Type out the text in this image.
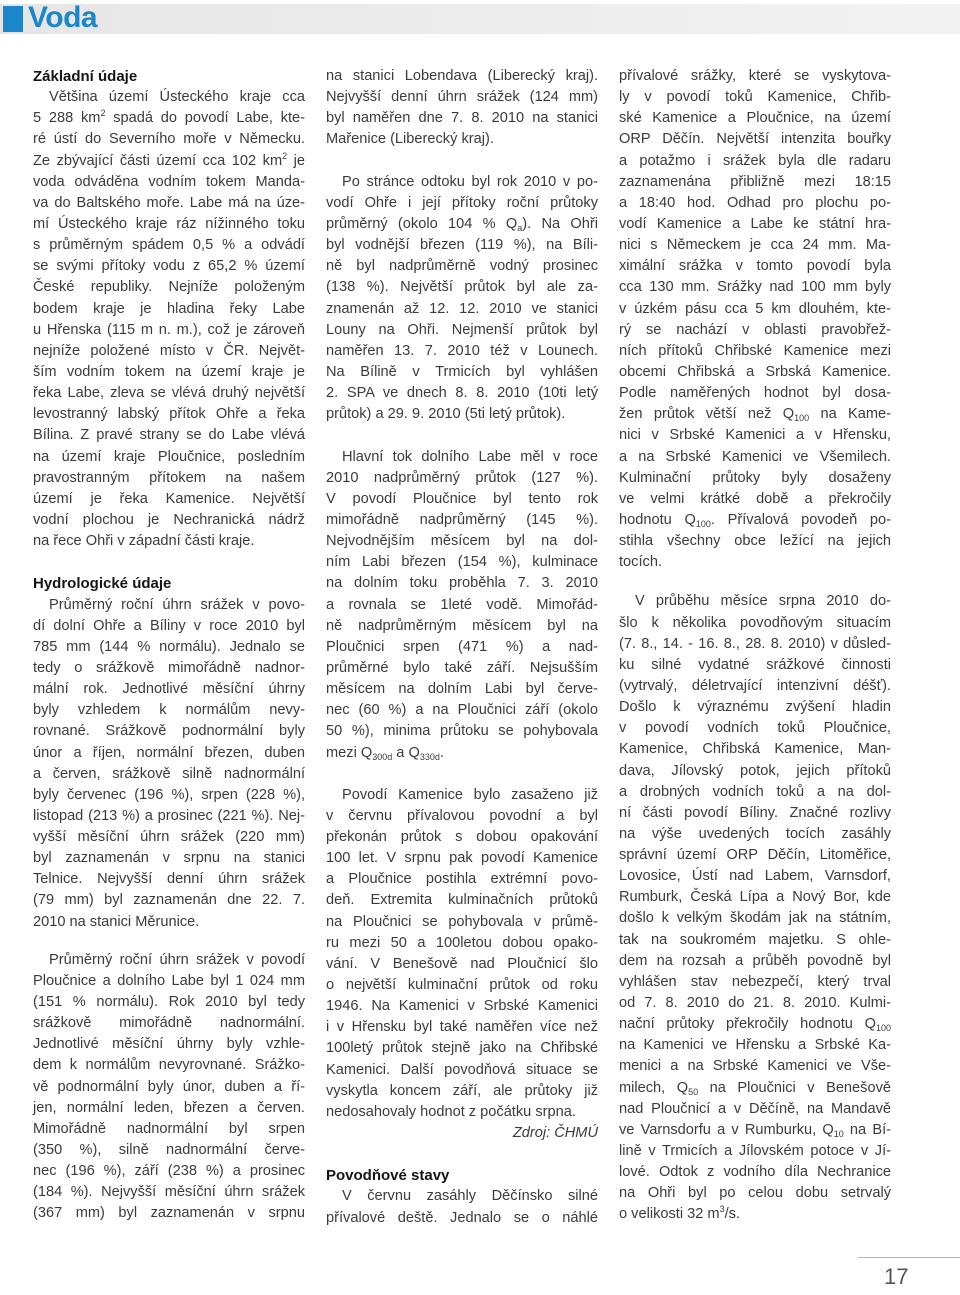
Voda
Základní údaje
Většina území Ústeckého kraje cca
5 288 $km^2$ spadá do povodí Labe, kte-
ré ústí do Severního moře v Německu.
Ze zbývající části území cca 102 $km^2$ je
voda odváděna vodním tokem Manda-
va do Baltského moře. Labe má na úze-
mí Ústeckého kraje ráz nížinného toku
s průměrným spádem 0,5 % a odvádí
se svými přítoky vodu z 65,2 % území
České republiky. Nejníže položeným
bodem kraje je hladina řeky Labe
u Hřenska (115 m n. m.), což je zároveň
nejníže položené místo v ČR. Největ-
ším vodním tokem na území kraje je
řeka Labe, zleva se vlévá druhý největší
levostranný labský přítok Ohře a řeka
Bílina. Z pravé strany se do Labe vlévá
na území kraje Ploučnice, posledním
pravostranným přítokem na našem
území je řeka Kamenice. Největší
vodní plochou je Nechranická nádrž
na řece Ohři v západní části kraje.
Hydrologické údaje
Průměrný roční úhrn srážek v povo-
dí dolní Ohře a Bíliny v roce 2010 byl
785 mm (144 % normálu). Jednalo se
tedy o srážkově mimořádně nadnor-
mální rok. Jednotlivé měsíční úhrny
byly vzhledem k normálům nevy-
rovnané. Srážkově podnormální byly
únor a říjen, normální březen, duben
a červen, srážkově silně nadnormální
byly červenec (196 %), srpen (228 %),
listopad (213 %) a prosinec (221 %). Nej-
vyšší měsíční úhrn srážek (220 mm)
byl zaznamenán v srpnu na stanici
Telnice. Nejvyšší denní úhrn srážek
(79 mm) byl zaznamenán dne 22. 7.
2010 na stanici Měrunice.
Průměrný roční úhrn srážek v povodí
Ploučnice a dolního Labe byl 1 024 mm
(151 % normálu). Rok 2010 byl tedy
srážkově mimořádně nadnormální.
Jednotlivé měsíční úhrny byly vzhle-
dem k normálům nevyrovnané. Srážko-
vě podnormální byly únor, duben a ří-
jen, normální leden, březen a červen.
Mimořádně nadnormální byl srpen
(350 %), silně nadnormální červe-
nec (196 %), září (238 %) a prosinec
(184 %). Nejvyšší měsíční úhrn srážek
(367 mm) byl zaznamenán v srpnu
na stanici Lobendava (Liberecký kraj).
Nejvyšší denní úhrn srážek (124 mm)
byl naměřen dne 7. 8. 2010 na stanici
Mařenice (Liberecký kraj).
Po stránce odtoku byl rok 2010 v po-
vodí Ohře i její přítoky roční průtoky
průměrný (okolo 104 % $Q_a$). Na Ohři
byl vodnější březen (119 %), na Bíli-
ně byl nadprůměrně vodný prosinec
(138 %). Největší průtok byl ale za-
znamenán až 12. 12. 2010 ve stanici
Louny na Ohři. Nejmenší průtok byl
naměřen 13. 7. 2010 též v Lounech.
Na Bílině v Trmicích byl vyhlášen
2. SPA ve dnech 8. 8. 2010 (10ti letý
průtok) a 29. 9. 2010 (5ti letý průtok).
Hlavní tok dolního Labe měl v roce
2010 nadprůměrný průtok (127 %).
V povodí Ploučnice byl tento rok
mimořádně nadprůměrný (145 %).
Nejvodnějším měsícem byl na dol-
ním Labi březen (154 %), kulminace
na dolním toku proběhla 7. 3. 2010
a rovnala se 1leté vodě. Mimořád-
ně nadprůměrným měsícem byl na
Ploučnici srpen (471 %) a nad-
průměrné bylo také září. Nejsušším
měsícem na dolním Labi byl červe-
nec (60 %) a na Ploučnici září (okolo
50 %), minima průtoku se pohybovala
mezi $Q_{300d}$ a $Q_{330d}$.
Povodí Kamenice bylo zasaženo již
v červnu přívalovou povodní a byl
překonán průtok s dobou opakování
100 let. V srpnu pak povodí Kamenice
a Ploučnice postihla extrémní povo-
deň. Extremita kulminačních průtoků
na Ploučnici se pohybovala v průmě-
ru mezi 50 a 100letou dobou opako-
vání. V Benešově nad Ploučnicí šlo
o největší kulminační průtok od roku
1946. Na Kamenici v Srbské Kamenici
i v Hřensku byl také naměřen více než
100letý průtok stejně jako na Chřibské
Kamenici. Další povodňová situace se
vyskytla koncem září, ale průtoky již
nedosahovaly hodnot z počátku srpna.
Zdroj: ČHMÚ
Povodňové stavy
V červnu zasáhly Děčínsko silné
přívalové deště. Jednalo se o náhlé
přívalové srážky, které se vyskytova-
ly v povodí toků Kamenice, Chřib-
ské Kamenice a Ploučnice, na území
ORP Děčín. Největší intenzita bouřky
a potažmo i srážek byla dle radaru
zaznamenána přibližně mezi 18:15
a 18:40 hod. Odhad pro plochu po-
vodí Kamenice a Labe ke státní hra-
nici s Německem je cca 24 mm. Ma-
ximální srážka v tomto povodí byla
cca 130 mm. Srážky nad 100 mm byly
v úzkém pásu cca 5 km dlouhém, kte-
rý se nachází v oblasti pravobřež-
ních přítoků Chřibské Kamenice mezi
obcemi Chřibská a Srbská Kamenice.
Podle naměřených hodnot byl dosa-
žen průtok větší než $Q_{100}$ na Kame-
nici v Srbské Kamenici a v Hřensku,
a na Srbské Kamenici ve Všemilech.
Kulminační průtoky byly dosaženy
ve velmi krátké době a překročily
hodnotu $Q_{100}$. Přívalová povodeň po-
stihla všechny obce ležící na jejich
tocích.
V průběhu měsíce srpna 2010 do-
šlo k několika povodňovým situacím
(7. 8., 14. - 16. 8., 28. 8. 2010) v důsled-
ku silné vydatné srážkové činnosti
(vytrvalý, déletrvající intenzivní déšť).
Došlo k výraznému zvýšení hladin
v povodí vodních toků Ploučnice,
Kamenice, Chřibská Kamenice, Man-
dava, Jílovský potok, jejich přítoků
a drobných vodních toků a na dol-
ní části povodí Bíliny. Značné rozlivy
na výše uvedených tocích zasáhly
správní území ORP Děčín, Litoměřice,
Lovosice, Ústí nad Labem, Varnsdorf,
Rumburk, Česká Lípa a Nový Bor, kde
došlo k velkým škodám jak na státním,
tak na soukromém majetku. S ohle-
dem na rozsah a průběh povodně byl
vyhlášen stav nebezpečí, který trval
od 7. 8. 2010 do 21. 8. 2010. Kulmi-
nační průtoky překročily hodnotu $Q_{100}$
na Kamenici ve Hřensku a Srbské Ka-
menici a na Srbské Kamenici ve Vše-
milech, $Q_{50}$ na Ploučnici v Benešově
nad Ploučnicí a v Děčíně, na Mandavě
ve Varnsdorfu a v Rumburku, $Q_{10}$ na Bí-
lině v Trmicích a Jílovském potoce v Jí-
lové. Odtok z vodního díla Nechranice
na Ohři byl po celou dobu setrvalý
o velikosti 32 $m^3/s$.
17
